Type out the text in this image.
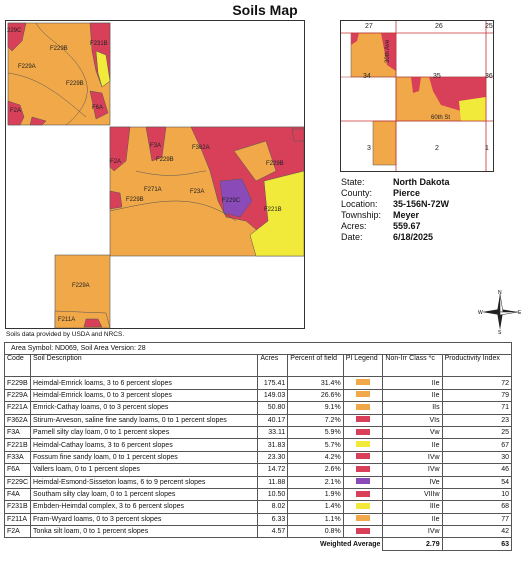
Soils Map
229C
F229B
F231B
F229A
F229B
F6A
F2A
F229B
F221B
F229B
F229B
F271A
F3A	F362A
F229A
F211A
F229C
F23A
F2A
27	26	25
34	35	36
3	2	1
30th Ave
60th St
State:	North Dakota
County:	Pierce
Location:	35-156N-72W
Township:	Meyer
Acres:	559.67
Date:	6/18/2025
N
S
E
W
Soils data provided by USDA and NRCS.
Area Symbol: ND069, Soil Area Version: 28						
Code	Soil Description	Acres	Percent of field	PI Legend	Non-Irr Class *c	Productivity Index
F229B	Heimdal-Emrick loams, 3 to 6 percent slopes	175.41	31.4%		IIe	72
F229A	Heimdal-Emrick loams, 0 to 3 percent slopes	149.03	26.6%		IIe	79
F221A	Emrick-Cathay loams, 0 to 3 percent slopes	50.80	9.1%		IIs	71
F362A	Stirum-Arveson, saline fine sandy loams, 0 to 1 percent slopes	40.17	7.2%		VIs	23
F3A	Parnell silty clay loam, 0 to 1 percent slopes	33.11	5.9%		Vw	25
F221B	Heimdal-Cathay loams, 3 to 6 percent slopes	31.83	5.7%		IIe	67
F33A	Fossum fine sandy loam, 0 to 1 percent slopes	23.30	4.2%		IVw	30
F6A	Vallers loam, 0 to 1 percent slopes	14.72	2.6%		IVw	46
F229C	Heimdal-Esmond-Sisseton loams, 6 to 9 percent slopes	11.88	2.1%		IVe	54
F4A	Southam silty clay loam, 0 to 1 percent slopes	10.50	1.9%		VIIIw	10
F231B	Embden-Heimdal complex, 3 to 6 percent slopes	8.02	1.4%		IIIe	68
F211A	Fram-Wyard loams, 0 to 3 percent slopes	6.33	1.1%		IIe	77
F2A	Tonka silt loam, 0 to 1 percent slopes	4.57	0.8%		IVw	42
Weighted Average					2.79	63
